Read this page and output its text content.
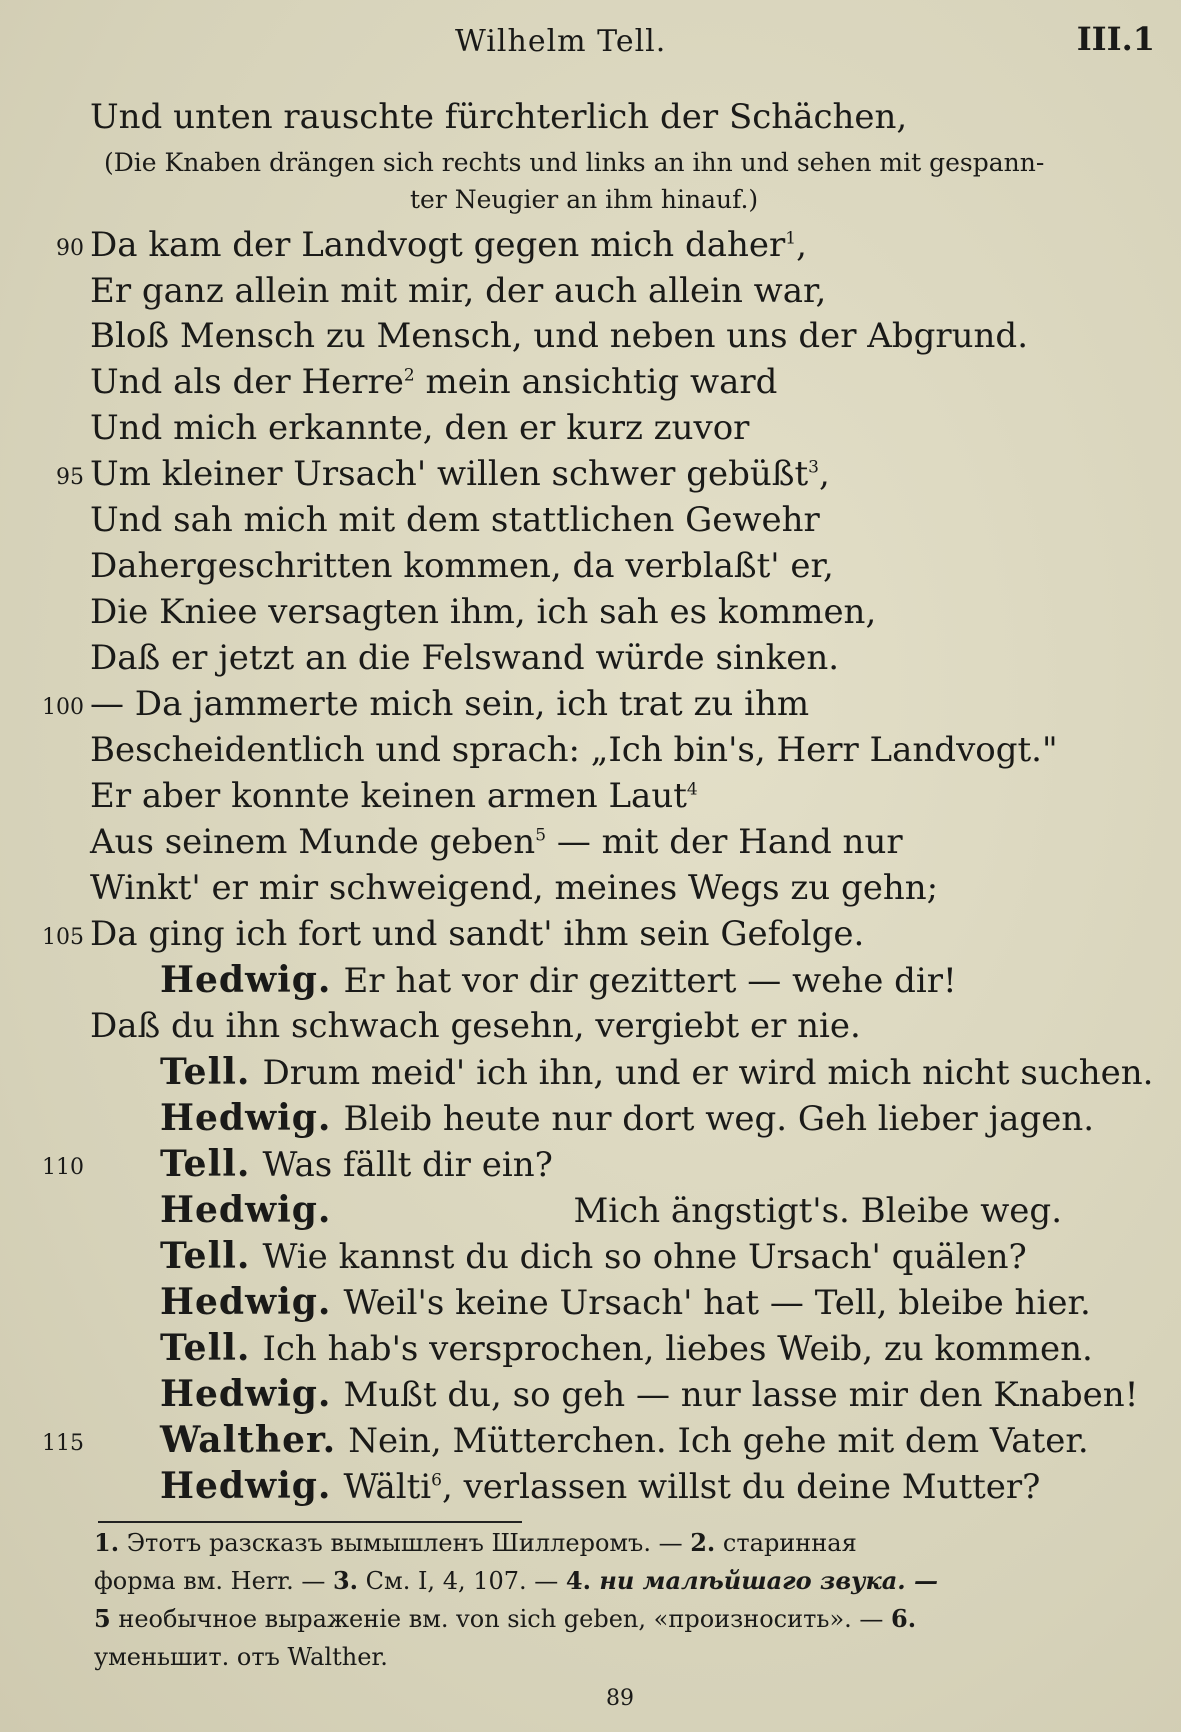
Wilhelm Tell.	III.1
Und unten rauschte fürchterlich der Schächen,
(Die Knaben drängen sich rechts und links an ihn und sehen mit gespann-
ter Neugier an ihm hinauf.)
90 Da kam der Landvogt gegen mich daher$^1$,
Er ganz allein mit mir, der auch allein war,
Bloß Mensch zu Mensch, und neben uns der Abgrund.
Und als der Herre$^2$ mein ansichtig ward
Und mich erkannte, den er kurz zuvor
95 Um kleiner Ursach' willen schwer gebüßt$^3$,
Und sah mich mit dem stattlichen Gewehr
Dahergeschritten kommen, da verblaßt' er,
Die Kniee versagten ihm, ich sah es kommen,
Daß er jetzt an die Felswand würde sinken.
100 — Da jammerte mich sein, ich trat zu ihm
Bescheidentlich und sprach: „Ich bin's, Herr Landvogt."
Er aber konnte keinen armen Laut$^4$
Aus seinem Munde geben$^5$ — mit der Hand nur
Winkt' er mir schweigend, meines Wegs zu gehn;
105 Da ging ich fort und sandt' ihm sein Gefolge.
Hedwig. Er hat vor dir gezittert — wehe dir!
Daß du ihn schwach gesehn, vergiebt er nie.
Tell. Drum meid' ich ihn, und er wird mich nicht suchen.
Hedwig. Bleib heute nur dort weg. Geh lieber jagen.
110 Tell. Was fällt dir ein?
Hedwig.	Mich ängstigt's. Bleibe weg.
Tell. Wie kannst du dich so ohne Ursach' quälen?
Hedwig. Weil's keine Ursach' hat — Tell, bleibe hier.
Tell. Ich hab's versprochen, liebes Weib, zu kommen.
Hedwig. Mußt du, so geh — nur lasse mir den Knaben!
115 Walther. Nein, Mütterchen. Ich gehe mit dem Vater.
Hedwig. Wälti$^6$, verlassen willst du deine Mutter?
1. Этотъ разсказъ вымышленъ Шиллеромъ. — 2. старинная
форма вм. Herr. — 3. См. I, 4, 107. — 4. ни малѣйшаго звука. —
5 необычное выраженіе вм. von sich geben, «произносить». — 6.
уменьшит. отъ Walther.
89
